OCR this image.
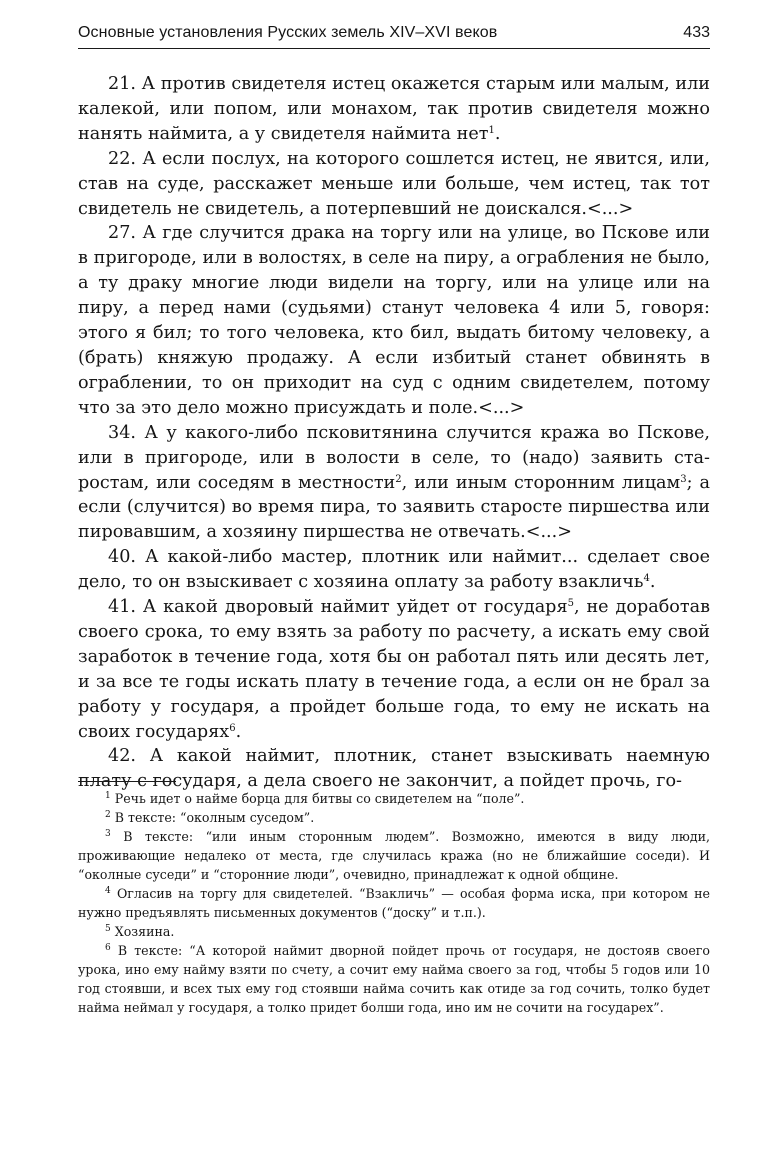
Основные установления Русских земель XIV–XVI веков	433

21. А против свидетеля истец окажется старым или малым, или калекой, или попом, или монахом, так против свидетеля можно нанять наймита, а у свидетеля наймита нет$^1$.

22. А если послух, на которого сошлется истец, не явится, или, став на суде, расскажет меньше или больше, чем истец, так тот свидетель не свидетель, а потерпевший не доискался.<...>

27. А где случится драка на торгу или на улице, во Пскове или в пригороде, или в волостях, в селе на пиру, а ограбления не было, а ту драку многие люди видели на торгу, или на улице или на пиру, а перед нами (судьями) станут человека 4 или 5, говоря: этого я бил; то того человека, кто бил, выдать битому человеку, а (брать) княжую продажу. А если избитый станет обвинять в ограблении, то он приходит на суд с одним свидетелем, потому что за это дело можно присуждать и поле.<...>

34. А у какого-либо псковитянина случится кража во Пскове, или в пригороде, или в волости в селе, то (надо) заявить старостам, или соседям в местности$^2$, или иным сторонним лицам$^3$; а если (случится) во время пира, то заявить старосте пиршества или пировавшим, а хозяину пиршества не отвечать.<...>

40. А какой-либо мастер, плотник или наймит... сделает свое дело, то он взыскивает с хозяина оплату за работу взакличь$^4$.

41. А какой дворовый наймит уйдет от государя$^5$, не доработав своего срока, то ему взять за работу по расчету, а искать ему свой заработок в течение года, хотя бы он работал пять или десять лет, и за все те годы искать плату в течение года, а если он не брал за работу у государя, а пройдет больше года, то ему не искать на своих государях$^6$.

42. А какой наймит, плотник, станет взыскивать наемную плату с государя, а дела своего не закончит, а пойдет прочь, го-

$^1$ Речь идет о найме борца для битвы со свидетелем на “поле”.

$^2$ В тексте: “околным суседом”.

$^3$ В тексте: “или иным сторонным людем”. Возможно, имеются в виду люди, проживающие недалеко от места, где случилась кража (но не ближайшие соседи). И “околные суседи” и “сторонние люди”, очевидно, принадлежат к одной общине.

$^4$ Огласив на торгу для свидетелей. “Взакличь” — особая форма иска, при котором не нужно предъявлять письменных документов (“доску” и т.п.).

$^5$ Хозяина.

$^6$ В тексте: “А которой наймит дворной пойдет прочь от государя, не достояв своего урока, ино ему найму взяти по счету, а сочит ему найма своего за год, чтобы 5 годов или 10 год стоявши, и всех тых ему год стоявши найма сочить как отиде за год сочить, толко будет найма неймал у государя, а толко придет болши года, ино им не сочити на государех”.
